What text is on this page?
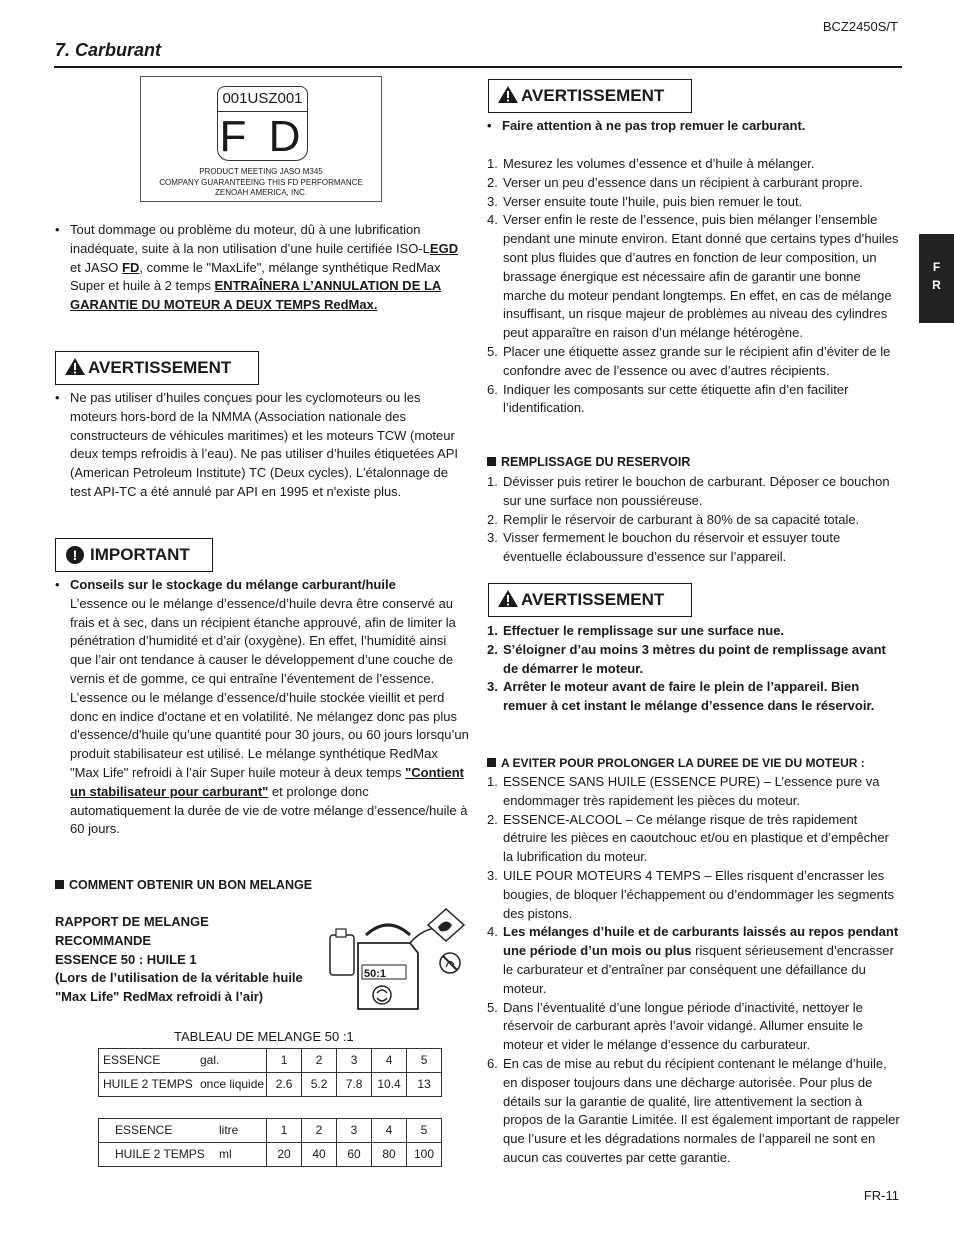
BCZ2450S/T
7. Carburant
F
R
001USZ001
F D
PRODUCT MEETING JASO M345
COMPANY GUARANTEEING THIS FD PERFORMANCE
ZENOAH AMERICA, INC.
• Tout dommage ou problème du moteur, dû à une lubrification inadéquate, suite à la non utilisation d’une huile certifiée ISO-LEGD et JASO FD, comme le "MaxLife", mélange synthétique RedMax Super et huile à 2 temps ENTRAÎNERA L’ANNULATION DE LA GARANTIE DU MOTEUR A DEUX TEMPS RedMax.
AVERTISSEMENT
• Ne pas utiliser d’huiles conçues pour les cyclomoteurs ou les moteurs hors-bord de la NMMA (Association nationale des constructeurs de véhicules maritimes) et les moteurs TCW (moteur deux temps refroidis à l’eau). Ne pas utiliser d’huiles étiquetées API (American Petroleum Institute) TC (Deux cycles). L'étalonnage de test API-TC a été annulé par API en 1995 et n'existe plus.
! IMPORTANT
• Conseils sur le stockage du mélange carburant/huile
L’essence ou le mélange d’essence/d’huile devra être conservé au frais et à sec, dans un récipient étanche approuvé, afin de limiter la pénétration d’humidité et d’air (oxygène). En effet, l’humidité ainsi que l’air ont tendance à causer le développement d’une couche de vernis et de gomme, ce qui entraîne l’éventement de l’essence. L’essence ou le mélange d’essence/d’huile stockée vieillit et perd donc en indice d'octane et en volatilité. Ne mélangez donc pas plus d'essence/d'huile qu’une quantité pour 30 jours, ou 60 jours lorsqu’un produit stabilisateur est utilisé. Le mélange synthétique RedMax "Max Life" refroidi à l’air Super huile moteur à deux temps "Contient un stabilisateur pour carburant" et prolonge donc automatiquement la durée de vie de votre mélange d’essence/huile à 60 jours.
COMMENT OBTENIR UN BON MELANGE
RAPPORT DE MELANGE
RECOMMANDE
ESSENCE 50 : HUILE 1
(Lors de l’utilisation de la véritable huile
"Max Life" RedMax refroidi à l’air)
50:1
TABLEAU DE MELANGE 50 :1
ESSENCE gal.	1	2	3	4	5
HUILE 2 TEMPS once liquide	2.6	5.2	7.8	10.4	13
ESSENCE litre	1	2	3	4	5
HUILE 2 TEMPS ml	20	40	60	80	100
AVERTISSEMENT
• Faire attention à ne pas trop remuer le carburant.
1. Mesurez les volumes d’essence et d’huile à mélanger.
2. Verser un peu d’essence dans un récipient à carburant propre.
3. Verser ensuite toute l’huile, puis bien remuer le tout.
4. Verser enfin le reste de l’essence, puis bien mélanger l’ensemble pendant une minute environ. Etant donné que certains types d’huiles sont plus fluides que d’autres en fonction de leur composition, un brassage énergique est nécessaire afin de garantir une bonne marche du moteur pendant longtemps. En effet, en cas de mélange insuffisant, un risque majeur de problèmes au niveau des cylindres peut apparaître en raison d’un mélange hétérogène.
5. Placer une étiquette assez grande sur le récipient afin d’éviter de le confondre avec de l’essence ou avec d’autres récipients.
6. Indiquer les composants sur cette étiquette afin d’en faciliter l’identification.
REMPLISSAGE DU RESERVOIR
1. Dévisser puis retirer le bouchon de carburant. Déposer ce bouchon sur une surface non poussiéreuse.
2. Remplir le réservoir de carburant à 80% de sa capacité totale.
3. Visser fermement le bouchon du réservoir et essuyer toute éventuelle éclaboussure d’essence sur l’appareil.
AVERTISSEMENT
1. Effectuer le remplissage sur une surface nue.
2. S’éloigner d’au moins 3 mètres du point de remplissage avant de démarrer le moteur.
3. Arrêter le moteur avant de faire le plein de l’appareil. Bien remuer à cet instant le mélange d’essence dans le réservoir.
A EVITER POUR PROLONGER LA DUREE DE VIE DU MOTEUR :
1. ESSENCE SANS HUILE (ESSENCE PURE) – L’essence pure va endommager très rapidement les pièces du moteur.
2. ESSENCE-ALCOOL – Ce mélange risque de très rapidement détruire les pièces en caoutchouc et/ou en plastique et d’empêcher la lubrification du moteur.
3. UILE POUR MOTEURS 4 TEMPS – Elles risquent d’encrasser les bougies, de bloquer l’échappement ou d’endommager les segments des pistons.
4. Les mélanges d’huile et de carburants laissés au repos pendant une période d’un mois ou plus risquent sérieusement d’encrasser le carburateur et d’entraîner par conséquent une défaillance du moteur.
5. Dans l’éventualité d’une longue période d’inactivité, nettoyer le réservoir de carburant après l’avoir vidangé. Allumer ensuite le moteur et vider le mélange d’essence du carburateur.
6. En cas de mise au rebut du récipient contenant le mélange d’huile, en disposer toujours dans une décharge autorisée. Pour plus de détails sur la garantie de qualité, lire attentivement la section à propos de la Garantie Limitée. Il est également important de rappeler que l’usure et les dégradations normales de l’appareil ne sont en aucun cas couvertes par cette garantie.
FR-11
